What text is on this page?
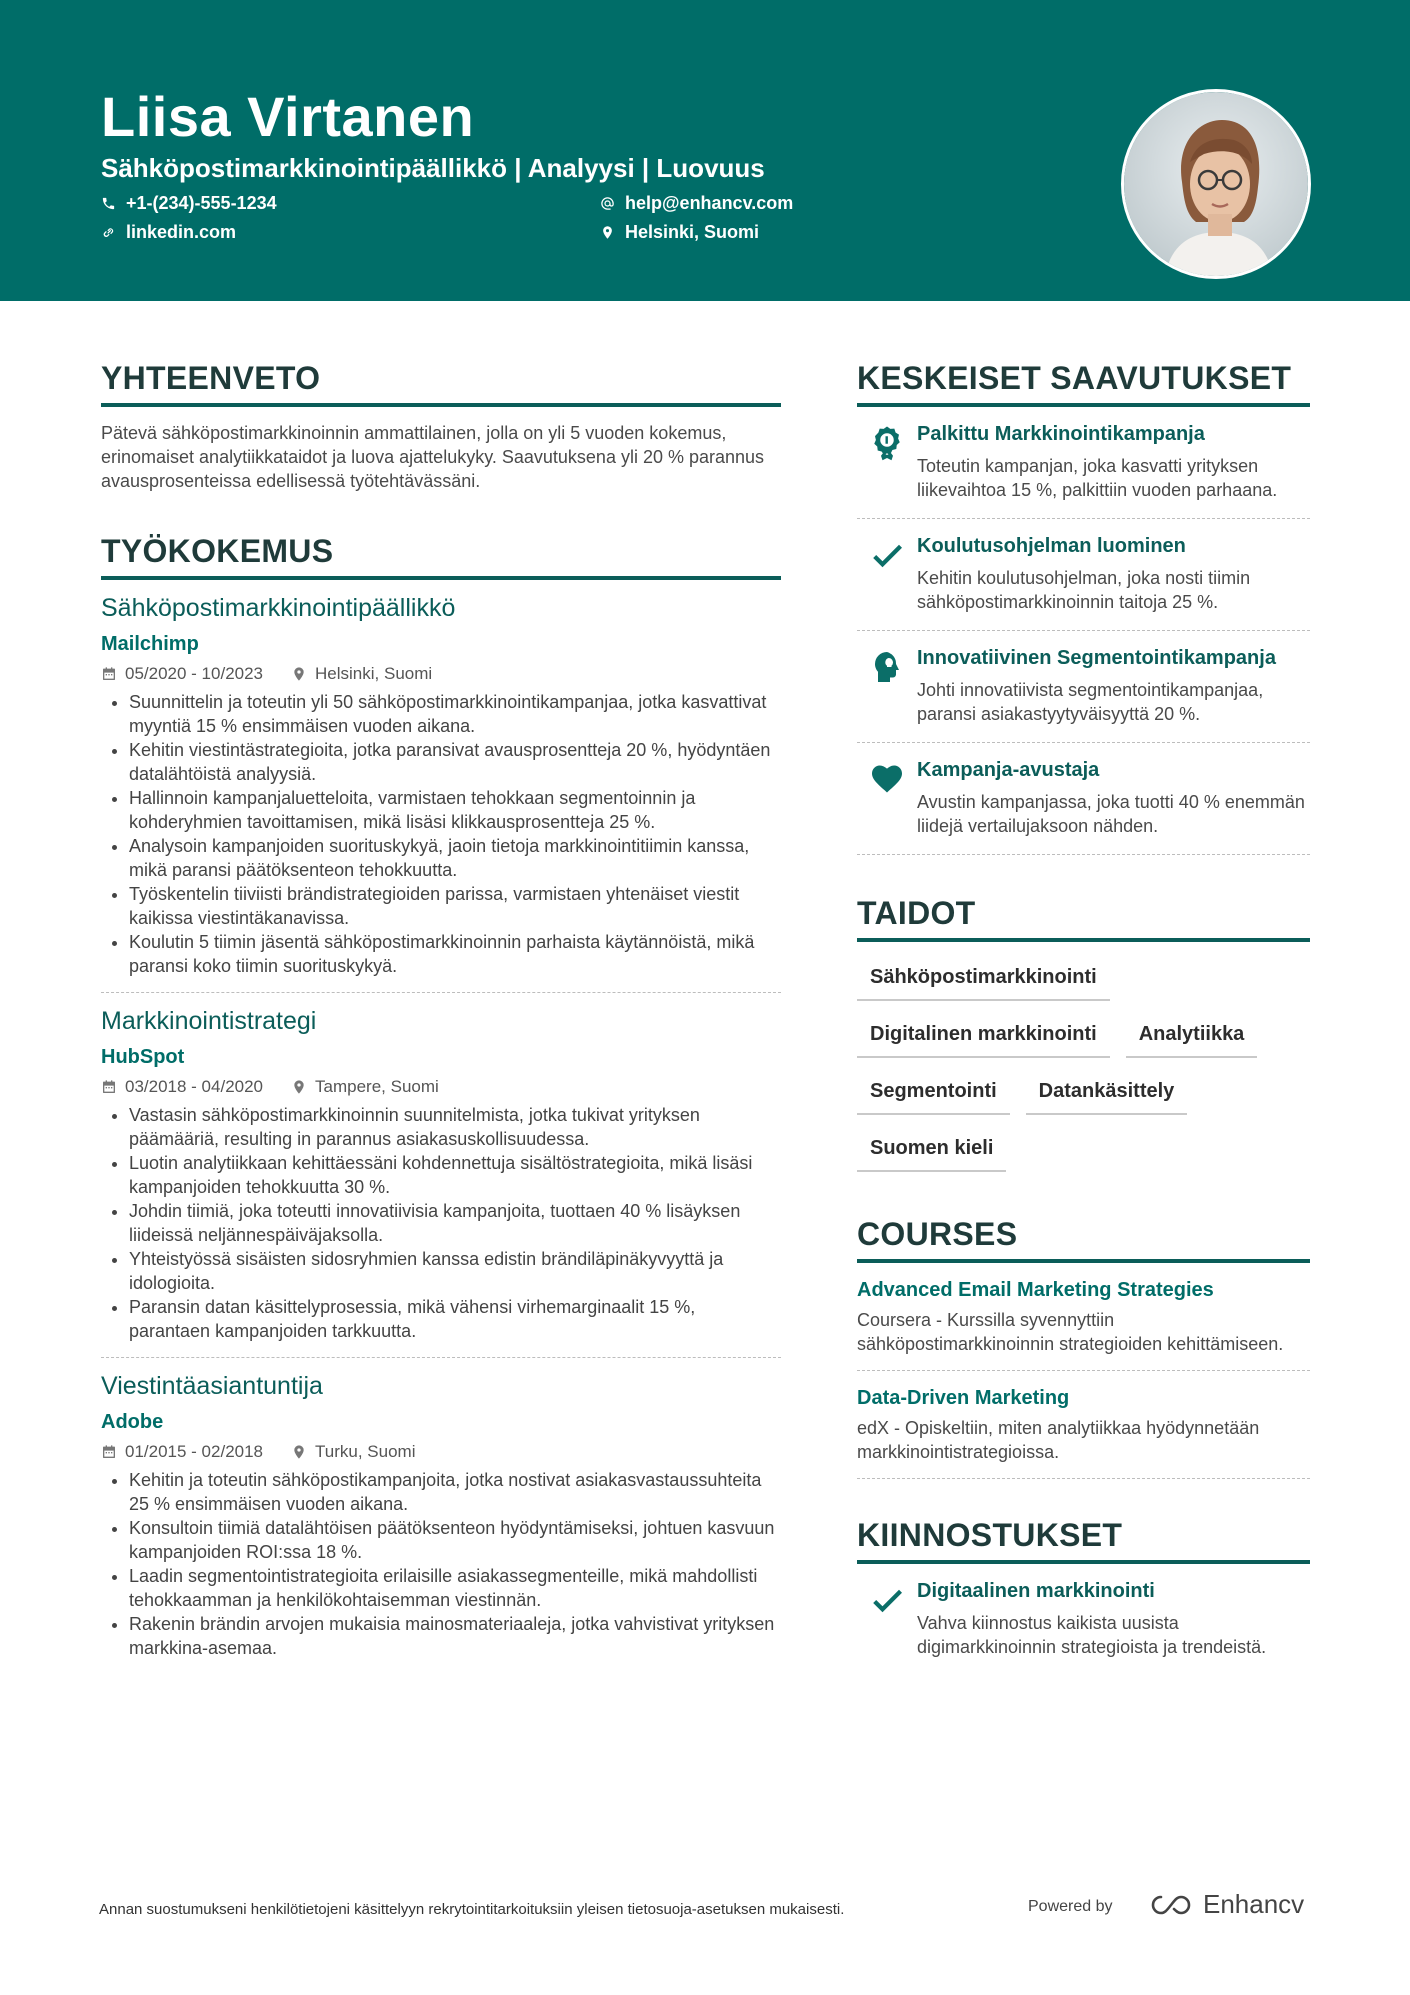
Liisa Virtanen
Sähköpostimarkkinointipäällikkö | Analyysi | Luovuus
+1-(234)-555-1234	help@enhancv.com
linkedin.com	Helsinki, Suomi
YHTEENVETO

Pätevä sähköpostimarkkinoinnin ammattilainen, jolla on yli 5 vuoden kokemus, erinomaiset analytiikkataidot ja luova ajattelukyky. Saavutuksena yli 20 % parannus avausprosenteissa edellisessä työtehtävässäni.

TYÖKOKEMUS
Sähköpostimarkkinointipäällikkö
Mailchimp
05/2020 - 10/2023	Helsinki, Suomi
• Suunnittelin ja toteutin yli 50 sähköpostimarkkinointikampanjaa, jotka kasvattivat myyntiä 15 % ensimmäisen vuoden aikana.
• Kehitin viestintästrategioita, jotka paransivat avausprosentteja 20 %, hyödyntäen datalähtöistä analyysiä.
• Hallinnoin kampanjaluetteloita, varmistaen tehokkaan segmentoinnin ja kohderyhmien tavoittamisen, mikä lisäsi klikkausprosentteja 25 %.
• Analysoin kampanjoiden suorituskykyä, jaoin tietoja markkinointitiimin kanssa, mikä paransi päätöksenteon tehokkuutta.
• Työskentelin tiiviisti brändistrategioiden parissa, varmistaen yhtenäiset viestit kaikissa viestintäkanavissa.
• Koulutin 5 tiimin jäsentä sähköpostimarkkinoinnin parhaista käytännöistä, mikä paransi koko tiimin suorituskykyä.
Markkinointistrategi
HubSpot
03/2018 - 04/2020	Tampere, Suomi
• Vastasin sähköpostimarkkinoinnin suunnitelmista, jotka tukivat yrityksen päämääriä, resulting in parannus asiakasuskollisuudessa.
• Luotin analytiikkaan kehittäessäni kohdennettuja sisältöstrategioita, mikä lisäsi kampanjoiden tehokkuutta 30 %.
• Johdin tiimiä, joka toteutti innovatiivisia kampanjoita, tuottaen 40 % lisäyksen liideissä neljännespäiväjaksolla.
• Yhteistyössä sisäisten sidosryhmien kanssa edistin brändiläpinäkyvyyttä ja idologioita.
• Paransin datan käsittelyprosessia, mikä vähensi virhemarginaalit 15 %, parantaen kampanjoiden tarkkuutta.
Viestintäasiantuntija
Adobe
01/2015 - 02/2018	Turku, Suomi
• Kehitin ja toteutin sähköpostikampanjoita, jotka nostivat asiakasvastaussuhteita 25 % ensimmäisen vuoden aikana.
• Konsultoin tiimiä datalähtöisen päätöksenteon hyödyntämiseksi, johtuen kasvuun kampanjoiden ROI:ssa 18 %.
• Laadin segmentointistrategioita erilaisille asiakassegmenteille, mikä mahdollisti tehokkaamman ja henkilökohtaisemman viestinnän.
• Rakenin brändin arvojen mukaisia mainosmateriaaleja, jotka vahvistivat yrityksen markkina-asemaa.
KESKEISET SAAVUTUKSET
Palkittu Markkinointikampanja
Toteutin kampanjan, joka kasvatti yrityksen liikevaihtoa 15 %, palkittiin vuoden parhaana.
Koulutusohjelman luominen
Kehitin koulutusohjelman, joka nosti tiimin sähköpostimarkkinoinnin taitoja 25 %.
Innovatiivinen Segmentointikampanja
Johti innovatiivista segmentointikampanjaa, paransi asiakastyytyväisyyttä 20 %.
Kampanja-avustaja
Avustin kampanjassa, joka tuotti 40 % enemmän liidejä vertailujaksoon nähden.
TAIDOT
Sähköpostimarkkinointi
Digitalinen markkinointi	Analytiikka
Segmentointi	Datankäsittely
Suomen kieli
COURSES
Advanced Email Marketing Strategies
Coursera - Kurssilla syvennyttiin sähköpostimarkkinoinnin strategioiden kehittämiseen.
Data-Driven Marketing
edX - Opiskeltiin, miten analytiikkaa hyödynnetään markkinointistrategioissa.
KIINNOSTUKSET
Digitaalinen markkinointi
Vahva kiinnostus kaikista uusista digimarkkinoinnin strategioista ja trendeistä.
Annan suostumukseni henkilötietojeni käsittelyyn rekrytointitarkoituksiin yleisen tietosuoja-asetuksen mukaisesti.	Powered by	Enhancv
